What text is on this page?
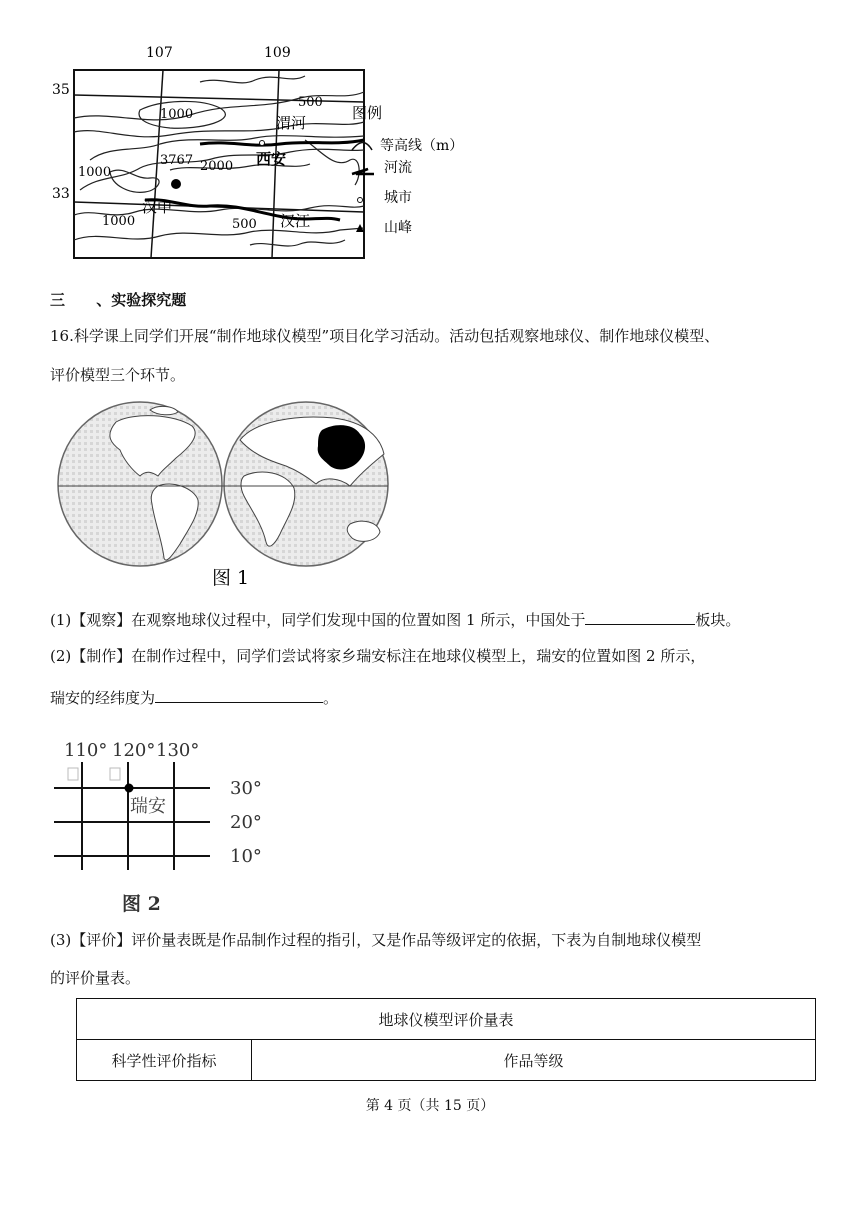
107	109
35
33
1000
500
1000	2000
1000	500
3767
渭河
西安
汉中
汉江
图例
等高线（m）
河流
城市
山峰
三 、实验探究题
16.科学课上同学们开展“制作地球仪模型”项目化学习活动。活动包括观察地球仪、制作地球仪模型、
评价模型三个环节。
图 1
(1)【观察】在观察地球仪过程中，同学们发现中国的位置如图 1 所示，中国处于	板块。
(2)【制作】在制作过程中，同学们尝试将家乡瑞安标注在地球仪模型上，瑞安的位置如图 2 所示，
瑞安的经纬度为	。
110° 120° 130°
瑞安
30°
20°
10°
图 2
(3)【评价】评价量表既是作品制作过程的指引，又是作品等级评定的依据，下表为自制地球仪模型
的评价量表。
地球仪模型评价量表
科学性评价指标	作品等级
第 4 页（共 15 页）
